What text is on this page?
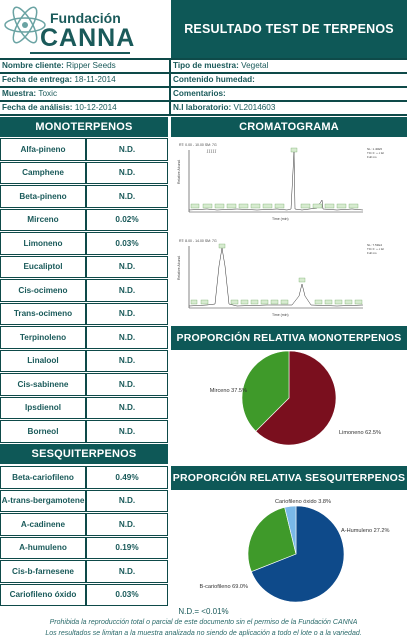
Fundación
CANNA	RESULTADO TEST DE TERPENOS
Nombre cliente: Ripper Seeds	Tipo de muestra: Vegetal
Fecha de entrega: 18-11-2014	Contenido humedad:
Muestra: Toxic	Comentarios:
Fecha de análisis: 10-12-2014	N.I laboratorio: VL2014603
MONOTERPENOS	CROMATOGRAMA
Alfa-pineno	N.D.
Camphene	N.D.
Beta-pineno	N.D.
Mirceno	0.02%
Limoneno	0.03%
Eucaliptol	N.D.
Cis-ocimeno	N.D.
Trans-ocimeno	N.D.
Terpinoleno	N.D.
Linalool	N.D.
Cis-sabinene	N.D.
Ipsdienol	N.D.
Borneol	N.D.
SESQUITERPENOS
Beta-cariofileno	0.49%
A-trans-bergamotene	N.D.
A-cadinene	N.D.
A-humuleno	0.19%
Cis-b-farnesene	N.D.
Cariofileno óxido	0.03%
RT: 0.00 - 10.00 SM: 7G
NL: 1.40E5
TIC F: + c EI
Full ms
Relative Abund.
Time (min)
ʃ ʃ ʃ ʃ ʃ
RT: 8.00 - 14.00 SM: 7G
NL: 7.53E4
TIC F: + c EI
Full ms
Relative Abund.
Time (min)
PROPORCIÓN RELATIVA MONOTERPENOS
Limoneno 62.5%
Mirceno 37.5%
PROPORCIÓN RELATIVA SESQUITERPENOS
B-cariofileno 69.0%
A-Humuleno 27.2%
Cariofileno óxido 3.8%
N.D.= <0.01%
Prohibida la reproducción total o parcial de este documento sin el permiso de la Fundación CANNA
Los resultados se limitan a la muestra analizada no siendo de aplicación a todo el lote o a la variedad.
